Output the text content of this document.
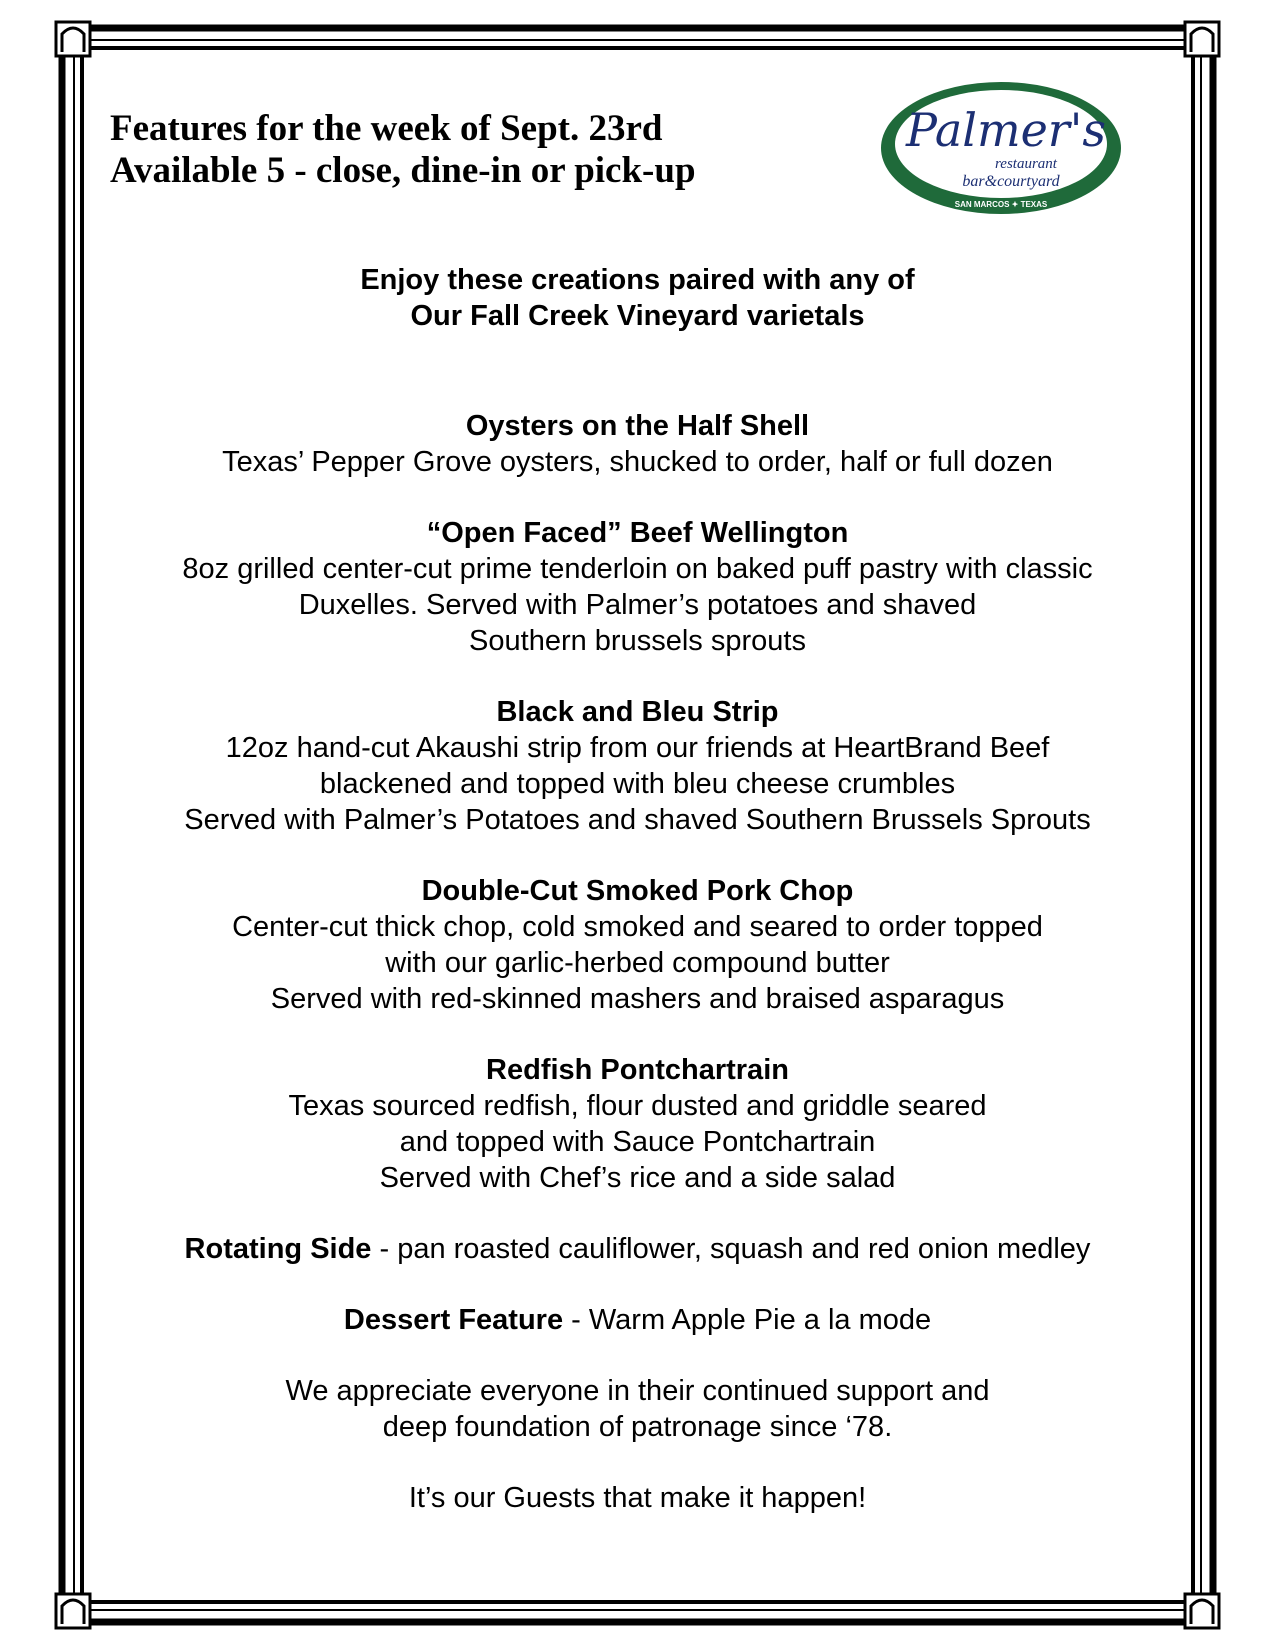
Features for the week of Sept. 23rd
Available 5 - close, dine-in or pick-up
Palmer's
restaurant
bar&courtyard
SAN MARCOS ✦ TEXAS
Enjoy these creations paired with any of
Our Fall Creek Vineyard varietals
Oysters on the Half Shell
Texas’ Pepper Grove oysters, shucked to order, half or full dozen
“Open Faced” Beef Wellington
8oz grilled center-cut prime tenderloin on baked puff pastry with classic
Duxelles. Served with Palmer’s potatoes and shaved
Southern brussels sprouts
Black and Bleu Strip
12oz hand-cut Akaushi strip from our friends at HeartBrand Beef
blackened and topped with bleu cheese crumbles
Served with Palmer’s Potatoes and shaved Southern Brussels Sprouts
Double-Cut Smoked Pork Chop
Center-cut thick chop, cold smoked and seared to order topped
with our garlic-herbed compound butter
Served with red-skinned mashers and braised asparagus
Redfish Pontchartrain
Texas sourced redfish, flour dusted and griddle seared
and topped with Sauce Pontchartrain
Served with Chef’s rice and a side salad
Rotating Side - pan roasted cauliflower, squash and red onion medley
Dessert Feature - Warm Apple Pie a la mode
We appreciate everyone in their continued support and
deep foundation of patronage since ‘78.
It’s our Guests that make it happen!
